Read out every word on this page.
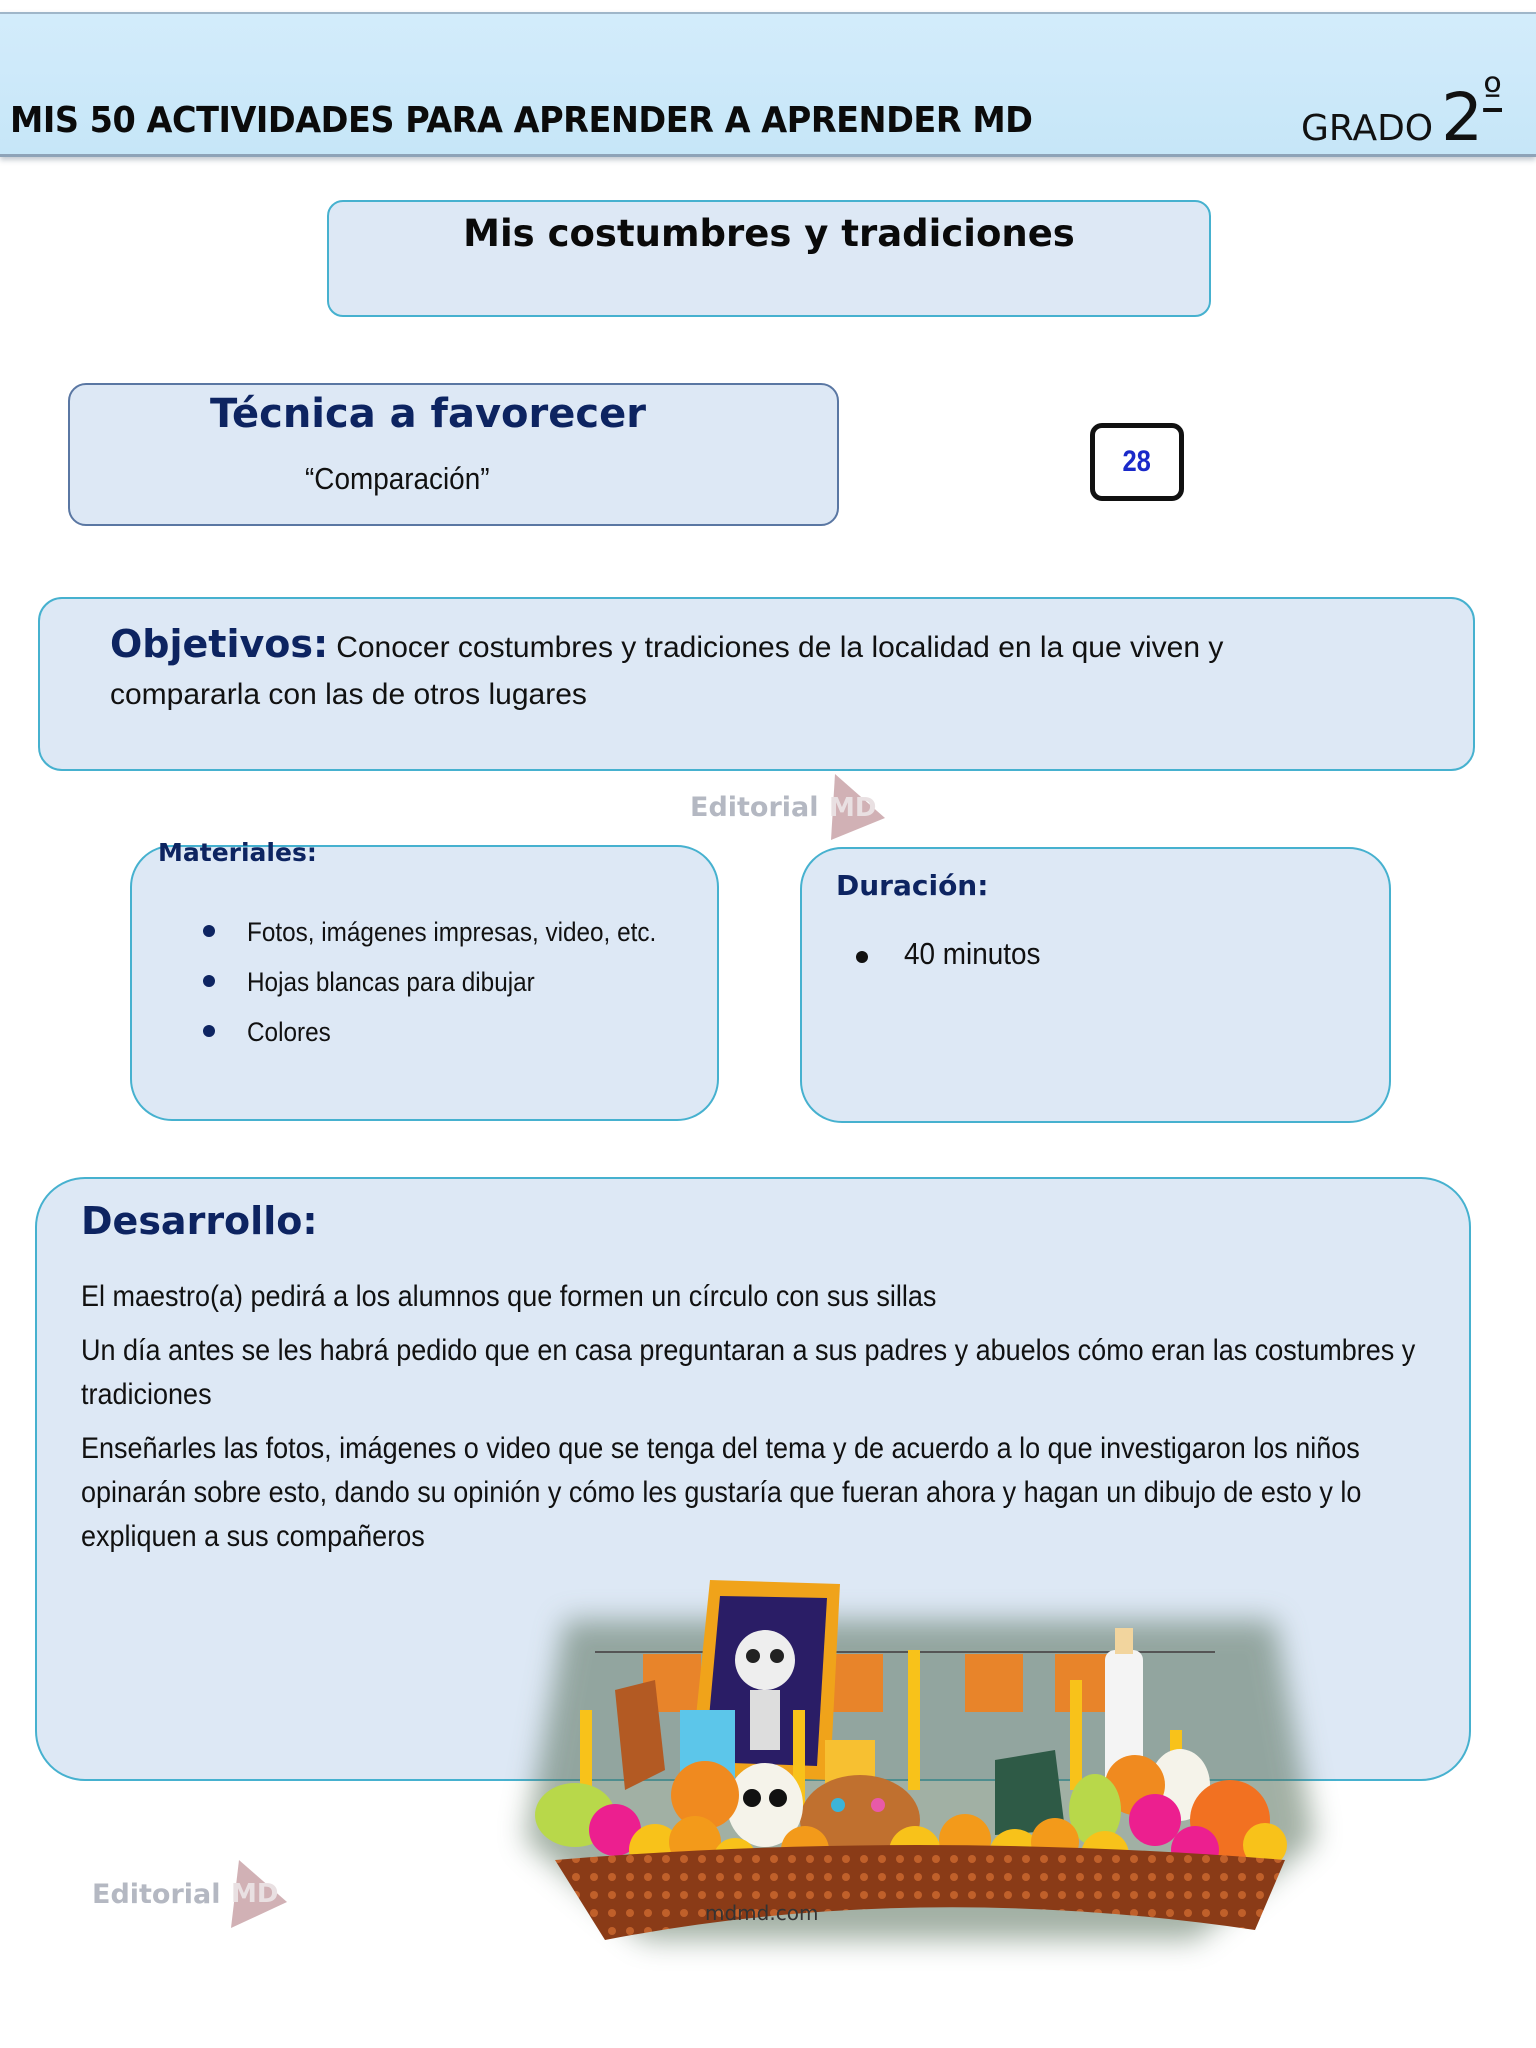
MIS 50 ACTIVIDADES PARA APRENDER A APRENDER MD	GRADO $2^º$
Mis costumbres y tradiciones
Técnica a favorecer
“Comparación”	28
Objetivos: Conocer costumbres y tradiciones de la localidad en la que viven y compararla con las de otros lugares
Editorial MD
Fotos, imágenes impresas, video, etc.
Hojas blancas para dibujar
Colores
Materiales:
Duración:
40 minutos
Desarrollo:

El maestro(a) pedirá a los alumnos que formen un círculo con sus sillas

Un día antes se les habrá pedido que en casa preguntaran a sus padres y abuelos cómo eran las costumbres y tradiciones

Enseñarles las fotos, imágenes o video que se tenga del tema y de acuerdo a lo que investigaron los niños opinarán sobre esto, dando su opinión y cómo les gustaría que fueran ahora y hagan un dibujo de esto y lo expliquen a sus compañeros

mdmd.com
Editorial MD
